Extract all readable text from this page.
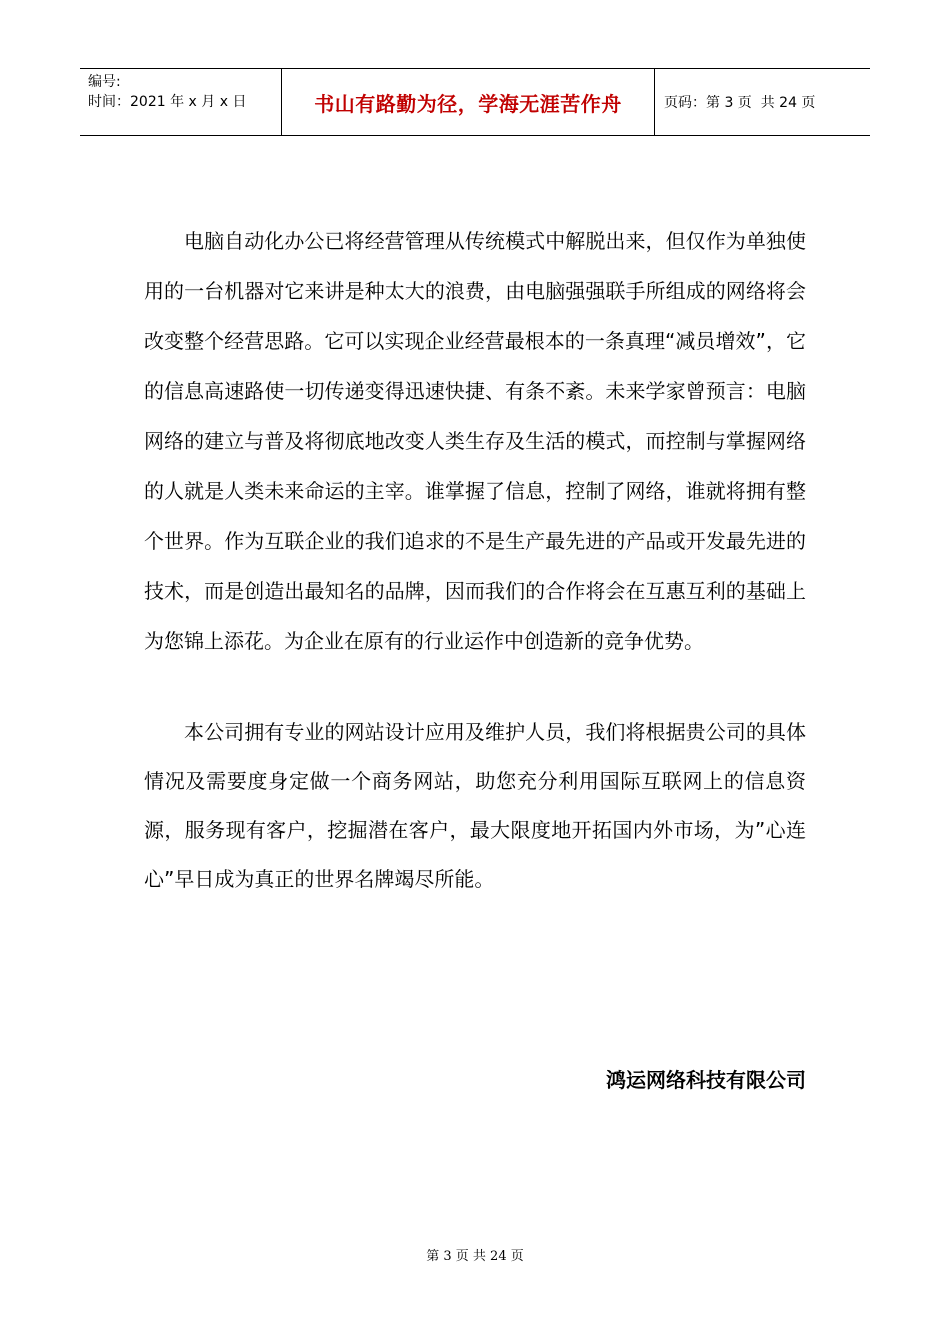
编号:
时间：2021 年 x 月 x 日	书山有路勤为径，学海无涯苦作舟	页码：第 3 页  共 24 页

电脑自动化办公已将经营管理从传统模式中解脱出来，但仅作为单独使用的一台机器对它来讲是种太大的浪费，由电脑强强联手所组成的网络将会改变整个经营思路。它可以实现企业经营最根本的一条真理“减员增效”，它的信息高速路使一切传递变得迅速快捷、有条不紊。未来学家曾预言：电脑网络的建立与普及将彻底地改变人类生存及生活的模式，而控制与掌握网络的人就是人类未来命运的主宰。谁掌握了信息，控制了网络，谁就将拥有整个世界。作为互联企业的我们追求的不是生产最先进的产品或开发最先进的技术，而是创造出最知名的品牌，因而我们的合作将会在互惠互利的基础上为您锦上添花。为企业在原有的行业运作中创造新的竞争优势。

本公司拥有专业的网站设计应用及维护人员，我们将根据贵公司的具体情况及需要度身定做一个商务网站，助您充分利用国际互联网上的信息资源，服务现有客户，挖掘潜在客户，最大限度地开拓国内外市场，为”心连心”早日成为真正的世界名牌竭尽所能。

鸿运网络科技有限公司
第 3 页 共 24 页
